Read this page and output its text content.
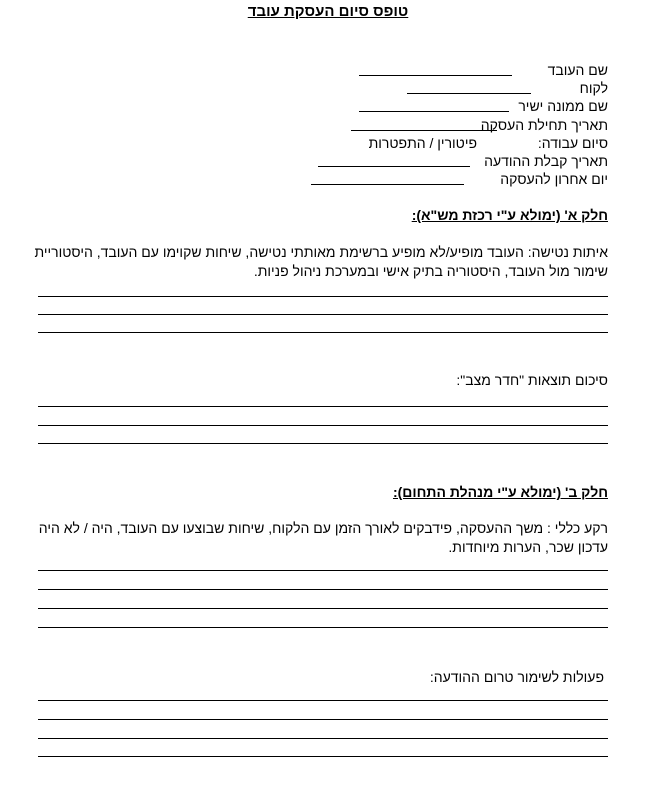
טופס סיום העסקת עובד
שם העובד
לקוח
שם ממונה ישיר
תאריך תחילת העסקה
סיום עבודה:
פיטורין / התפטרות
תאריך קבלת ההודעה
יום אחרון להעסקה
חלק א' (ימולא ע"י רכזת מש"א):
איתות נטישה: העובד מופיע/לא מופיע ברשימת מאותתי נטישה, שיחות שקוימו עם העובד, היסטוריית שימור מול העובד, היסטוריה בתיק אישי ובמערכת ניהול פניות.
סיכום תוצאות "חדר מצב":
חלק ב' (ימולא ע"י מנהלת התחום):
רקע כללי : משך ההעסקה, פידבקים לאורך הזמן עם הלקוח, שיחות שבוצעו עם העובד, היה / לא היה עדכון שכר, הערות מיוחדות.
פעולות לשימור טרום ההודעה:
